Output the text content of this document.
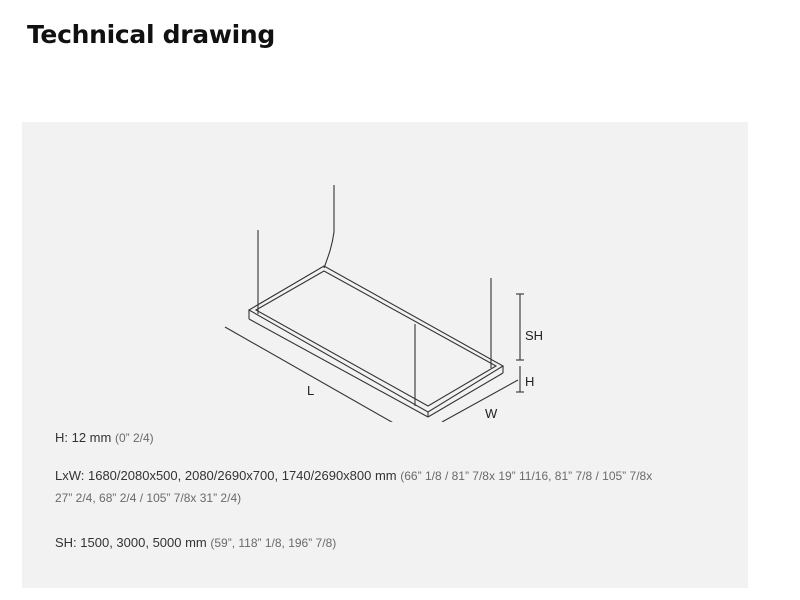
Technical drawing
SH
H
L
W
H: 12 mm (0” 2/4)
LxW: 1680/2080x500, 2080/2690x700, 1740/2690x800 mm (66” 1/8 / 81” 7/8x 19” 11/16, 81” 7/8 / 105” 7/8x 27” 2/4, 68” 2/4 / 105” 7/8x 31” 2/4)
SH: 1500, 3000, 5000 mm (59”, 118” 1/8, 196” 7/8)
